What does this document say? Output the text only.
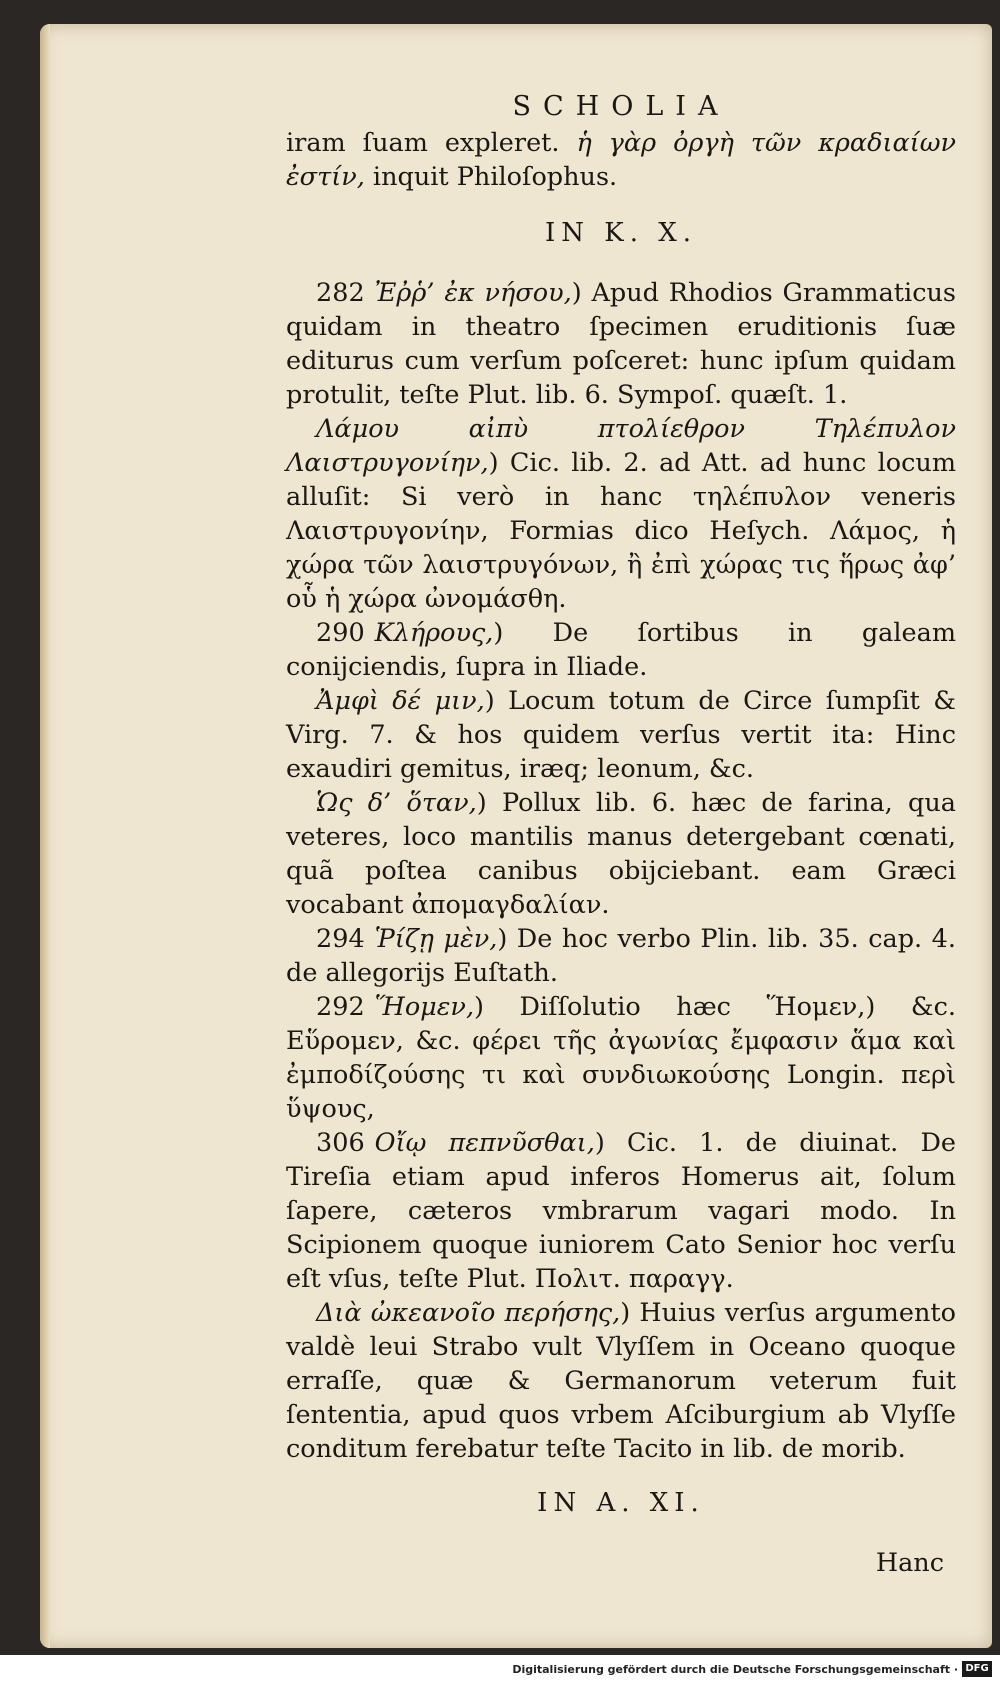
SCHOLIA

iram ſuam expleret. ἡ γὰρ ὀργὴ τῶν κραδιαίων ἐστίν, inquit Philoſophus.

IN K. X.

282 Ἐῤῥ’ ἐκ νήσου,) Apud Rhodios Grammaticus quidam in theatro ſpecimen eruditionis ſuæ editurus cum verſum poſceret: hunc ipſum quidam protulit, teſte Plut. lib. 6. Sympoſ. quæſt. 1.

Λάμου αἰπὺ πτολίεθρον Τηλέπυλον Λαιστρυγονίην,) Cic. lib. 2. ad Att. ad hunc locum alluſit: Si verò in hanc τηλέπυλον veneris Λαιστρυγονίην, Formias dico Heſych. Λάμος, ἡ χώρα τῶν λαιστρυγόνων, ἢ ἐπὶ χώρας τις ἥρως ἀφ’ οὗ ἡ χώρα ὠνομάσθη.

290 Κλήρους,) De ſortibus in galeam conijciendis, ſupra in Iliade.

Ἀμφὶ δέ μιν,) Locum totum de Circe ſumpſit & Virg. 7. & hos quidem verſus vertit ita: Hinc exaudiri gemitus, iræq; leonum, &c.

Ὡς δ’ ὅταν,) Pollux lib. 6. hæc de farina, qua veteres, loco mantilis manus detergebant cœnati, quã poſtea canibus obijciebant. eam Græci vocabant ἀπομαγδαλίαν.

294 Ῥίζῃ μὲν,) De hoc verbo Plin. lib. 35. cap. 4. de allegorijs Euſtath.

292 Ἥομεν,) Diſſolutio hæc Ἥομεν,) &c. Εὕρομεν, &c. φέρει τῆς ἀγωνίας ἔμφασιν ἅμα καὶ ἐμποδίζούσης τι καὶ συνδιωκούσης Longin. περὶ ὕψους,

306 Οἴῳ πεπνῦσθαι,) Cic. 1. de diuinat. De Tireſia etiam apud inferos Homerus ait, ſolum ſapere, cæteros vmbrarum vagari modo. In Scipionem quoque iuniorem Cato Senior hoc verſu eſt vſus, teſte Plut. Πολιτ. παραγγ.

Διὰ ὠκεανοῖο περήσης,) Huius verſus argumento valdè leui Strabo vult Vlyſſem in Oceano quoque erraſſe, quæ & Germanorum veterum fuit ſententia, apud quos vrbem Aſciburgium ab Vlyſſe conditum ferebatur teſte Tacito in lib. de morib.

IN A. XI.
Hanc
Digitalisierung gefördert durch die Deutsche Forschungsgemeinschaft · DFG
